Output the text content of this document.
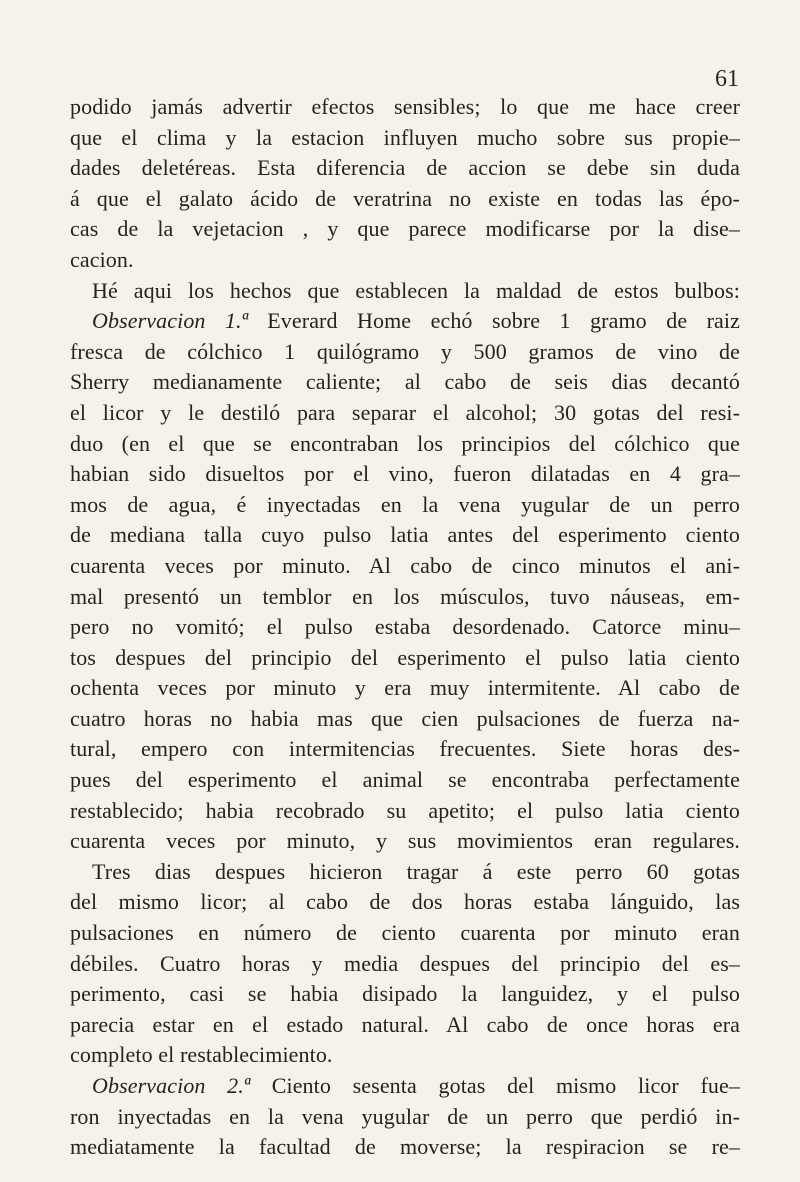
61
podido jamás advertir efectos sensibles; lo que me hace creer
que el clima y la estacion influyen mucho sobre sus propie–
dades deletéreas. Esta diferencia de accion se debe sin duda
á que el galato ácido de veratrina no existe en todas las épo-
cas de la vejetacion , y que parece modificarse por la dise–
cacion.
Hé aqui los hechos que establecen la maldad de estos bulbos:
Observacion 1.ª Everard Home echó sobre 1 gramo de raiz
fresca de cólchico 1 quilógramo y 500 gramos de vino de
Sherry medianamente caliente; al cabo de seis dias decantó
el licor y le destiló para separar el alcohol; 30 gotas del resi-
duo (en el que se encontraban los principios del cólchico que
habian sido disueltos por el vino, fueron dilatadas en 4 gra–
mos de agua, é inyectadas en la vena yugular de un perro
de mediana talla cuyo pulso latia antes del esperimento ciento
cuarenta veces por minuto. Al cabo de cinco minutos el ani-
mal presentó un temblor en los músculos, tuvo náuseas, em-
pero no vomitó; el pulso estaba desordenado. Catorce minu–
tos despues del principio del esperimento el pulso latia ciento
ochenta veces por minuto y era muy intermitente. Al cabo de
cuatro horas no habia mas que cien pulsaciones de fuerza na-
tural, empero con intermitencias frecuentes. Siete horas des-
pues del esperimento el animal se encontraba perfectamente
restablecido; habia recobrado su apetito; el pulso latia ciento
cuarenta veces por minuto, y sus movimientos eran regulares.
Tres dias despues hicieron tragar á este perro 60 gotas
del mismo licor; al cabo de dos horas estaba lánguido, las
pulsaciones en número de ciento cuarenta por minuto eran
débiles. Cuatro horas y media despues del principio del es–
perimento, casi se habia disipado la languidez, y el pulso
parecia estar en el estado natural. Al cabo de once horas era
completo el restablecimiento.
Observacion 2.ª Ciento sesenta gotas del mismo licor fue–
ron inyectadas en la vena yugular de un perro que perdió in-
mediatamente la facultad de moverse; la respiracion se re–
